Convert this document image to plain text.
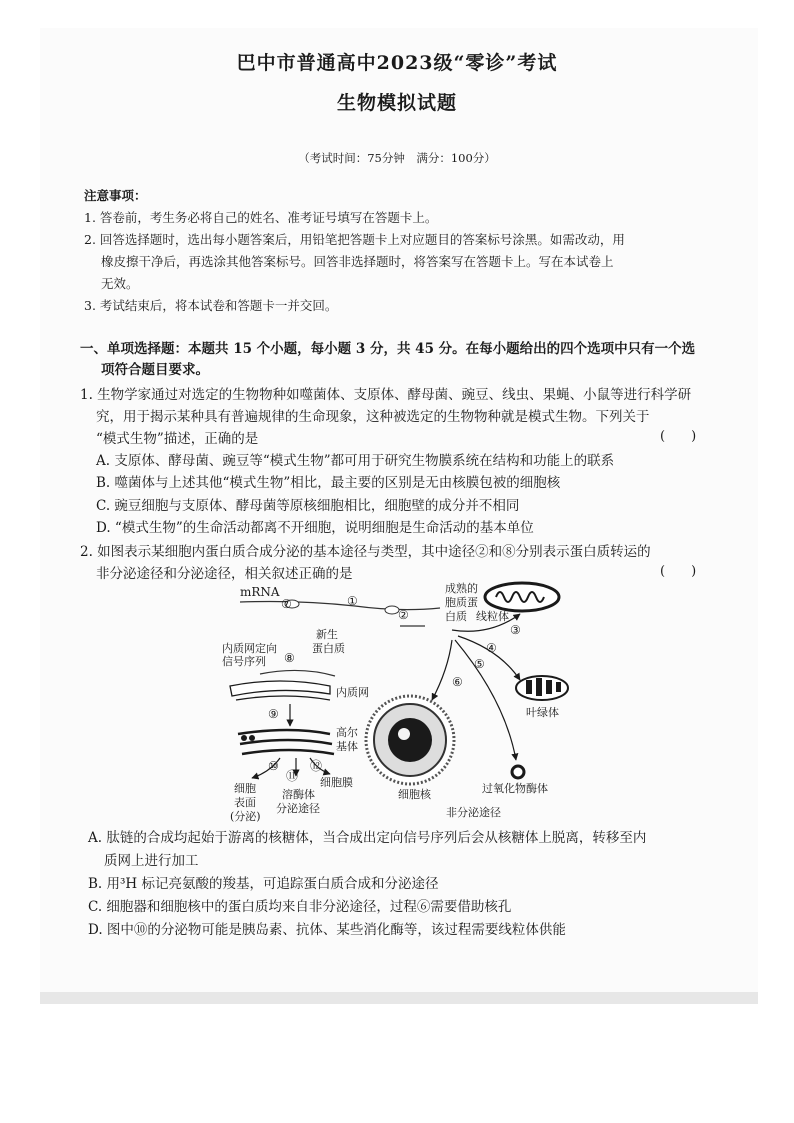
巴中市普通高中2023级“零诊”考试
生物模拟试题
（考试时间：75分钟　满分：100分）
注意事项：
1. 答卷前，考生务必将自己的姓名、准考证号填写在答题卡上。
2. 回答选择题时，选出每小题答案后，用铅笔把答题卡上对应题目的答案标号涂黑。如需改动，用
橡皮擦干净后，再选涂其他答案标号。回答非选择题时，将答案写在答题卡上。写在本试卷上
无效。
3. 考试结束后，将本试卷和答题卡一并交回。
一、单项选择题：本题共 15 个小题，每小题 3 分，共 45 分。在每小题给出的四个选项中只有一个选
项符合题目要求。
1. 生物学家通过对选定的生物物种如噬菌体、支原体、酵母菌、豌豆、线虫、果蝇、小鼠等进行科学研
究，用于揭示某种具有普遍规律的生命现象，这种被选定的生物物种就是模式生物。下列关于
“模式生物”描述，正确的是	(　　)
A. 支原体、酵母菌、豌豆等“模式生物”都可用于研究生物膜系统在结构和功能上的联系
B. 噬菌体与上述其他“模式生物”相比，最主要的区别是无由核膜包被的细胞核
C. 豌豆细胞与支原体、酵母菌等原核细胞相比，细胞壁的成分并不相同
D. “模式生物”的生命活动都离不开细胞，说明细胞是生命活动的基本单位
2. 如图表示某细胞内蛋白质合成分泌的基本途径与类型，其中途径②和⑧分别表示蛋白质转运的
非分泌途径和分泌途径，相关叙述正确的是	(　　)
mRNA
⑦	①
②
成熟的
胞质蛋
白质 线粒体
③
④
叶绿体
⑤
过氧化物酶体
⑥
细胞核
新生
蛋白质
内质网定向
信号序列 ⑧
内质网
⑨
高尔
基体
⑩
⑪
⑫
细胞
表面
(分泌)
溶酶体
分泌途径
细胞膜
非分泌途径
A. 肽链的合成均起始于游离的核糖体，当合成出定向信号序列后会从核糖体上脱离，转移至内
质网上进行加工
B. 用³H 标记亮氨酸的羧基，可追踪蛋白质合成和分泌途径
C. 细胞器和细胞核中的蛋白质均来自非分泌途径，过程⑥需要借助核孔
D. 图中⑩的分泌物可能是胰岛素、抗体、某些消化酶等，该过程需要线粒体供能
